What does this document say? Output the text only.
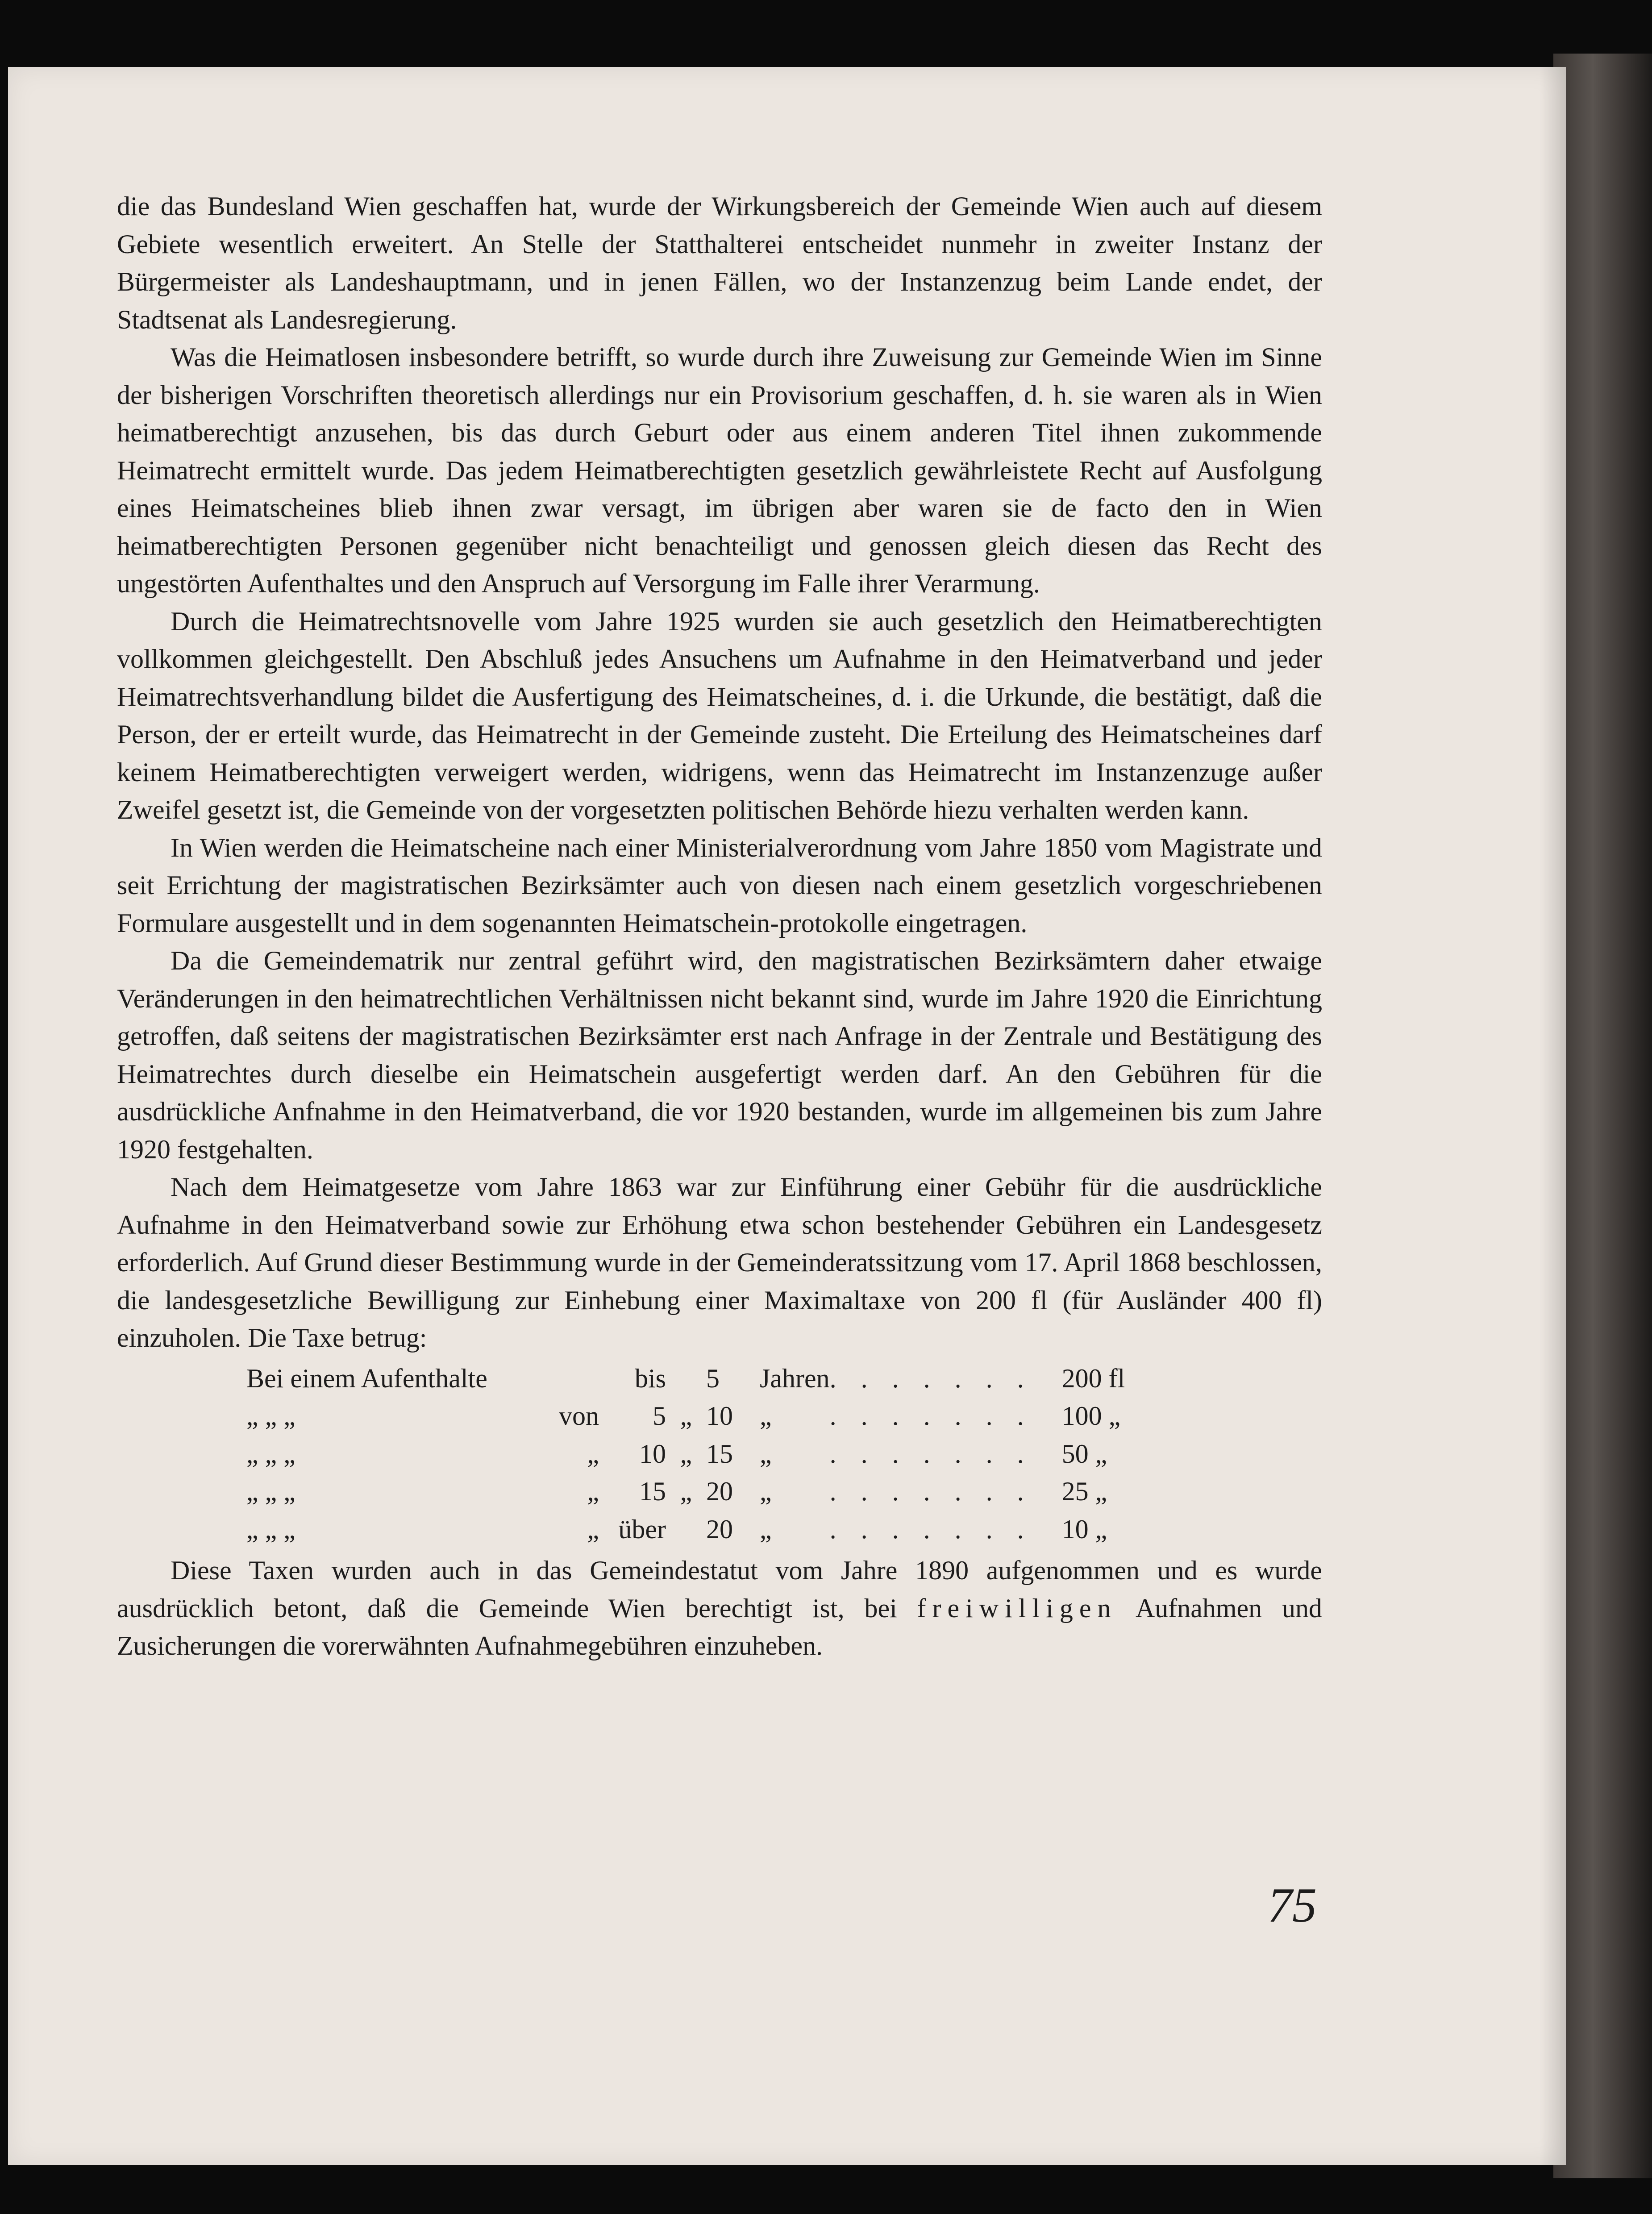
die das Bundesland Wien geschaffen hat, wurde der Wirkungsbereich der Gemeinde Wien auch auf diesem Gebiete wesentlich erweitert. An Stelle der Statthalterei entscheidet nunmehr in zweiter Instanz der Bürgermeister als Landeshauptmann, und in jenen Fällen, wo der Instanzenzug beim Lande endet, der Stadtsenat als Landesregierung.

Was die Heimatlosen insbesondere betrifft, so wurde durch ihre Zuweisung zur Gemeinde Wien im Sinne der bisherigen Vorschriften theoretisch allerdings nur ein Provisorium geschaffen, d. h. sie waren als in Wien heimatberechtigt anzusehen, bis das durch Geburt oder aus einem anderen Titel ihnen zukommende Heimatrecht ermittelt wurde. Das jedem Heimatberechtigten gesetzlich gewährleistete Recht auf Ausfolgung eines Heimatscheines blieb ihnen zwar versagt, im übrigen aber waren sie de facto den in Wien heimatberechtigten Personen gegenüber nicht benachteiligt und genossen gleich diesen das Recht des ungestörten Aufenthaltes und den Anspruch auf Versorgung im Falle ihrer Verarmung.

Durch die Heimatrechtsnovelle vom Jahre 1925 wurden sie auch gesetzlich den Heimatberechtigten vollkommen gleichgestellt. Den Abschluß jedes Ansuchens um Aufnahme in den Heimatverband und jeder Heimatrechtsverhandlung bildet die Ausfertigung des Heimatscheines, d. i. die Urkunde, die bestätigt, daß die Person, der er erteilt wurde, das Heimatrecht in der Gemeinde zusteht. Die Erteilung des Heimatscheines darf keinem Heimatberechtigten verweigert werden, widrigens, wenn das Heimatrecht im Instanzenzuge außer Zweifel gesetzt ist, die Gemeinde von der vorgesetzten politischen Behörde hiezu verhalten werden kann.

In Wien werden die Heimatscheine nach einer Ministerialverordnung vom Jahre 1850 vom Magistrate und seit Errichtung der magistratischen Bezirksämter auch von diesen nach einem gesetzlich vorgeschriebenen Formulare ausgestellt und in dem sogenannten Heimatschein-protokolle eingetragen.

Da die Gemeindematrik nur zentral geführt wird, den magistratischen Bezirksämtern daher etwaige Veränderungen in den heimatrechtlichen Verhältnissen nicht bekannt sind, wurde im Jahre 1920 die Einrichtung getroffen, daß seitens der magistratischen Bezirksämter erst nach Anfrage in der Zentrale und Bestätigung des Heimatrechtes durch dieselbe ein Heimatschein ausgefertigt werden darf. An den Gebühren für die ausdrückliche Anfnahme in den Heimatverband, die vor 1920 bestanden, wurde im allgemeinen bis zum Jahre 1920 festgehalten.

Nach dem Heimatgesetze vom Jahre 1863 war zur Einführung einer Gebühr für die ausdrückliche Aufnahme in den Heimatverband sowie zur Erhöhung etwa schon bestehender Gebühren ein Landesgesetz erforderlich. Auf Grund dieser Bestimmung wurde in der Gemeinderatssitzung vom 17. April 1868 beschlossen, die landesgesetzliche Bewilligung zur Einhebung einer Maximaltaxe von 200 fl (für Ausländer 400 fl) einzuholen. Die Taxe betrug:

Bei einem Aufenthalte		bis		5	Jahren	. . . . . . .	200 fl
„ „ „	von	5	„	10	„	. . . . . . .	100 „
„ „ „	„	10	„	15	„	. . . . . . .	50 „
„ „ „	„	15	„	20	„	. . . . . . .	25 „
„ „ „	„	über		20	„	. . . . . . .	10 „

Diese Taxen wurden auch in das Gemeindestatut vom Jahre 1890 aufgenommen und es wurde ausdrücklich betont, daß die Gemeinde Wien berechtigt ist, bei freiwilligen Aufnahmen und Zusicherungen die vorerwähnten Aufnahmegebühren einzuheben.

75
